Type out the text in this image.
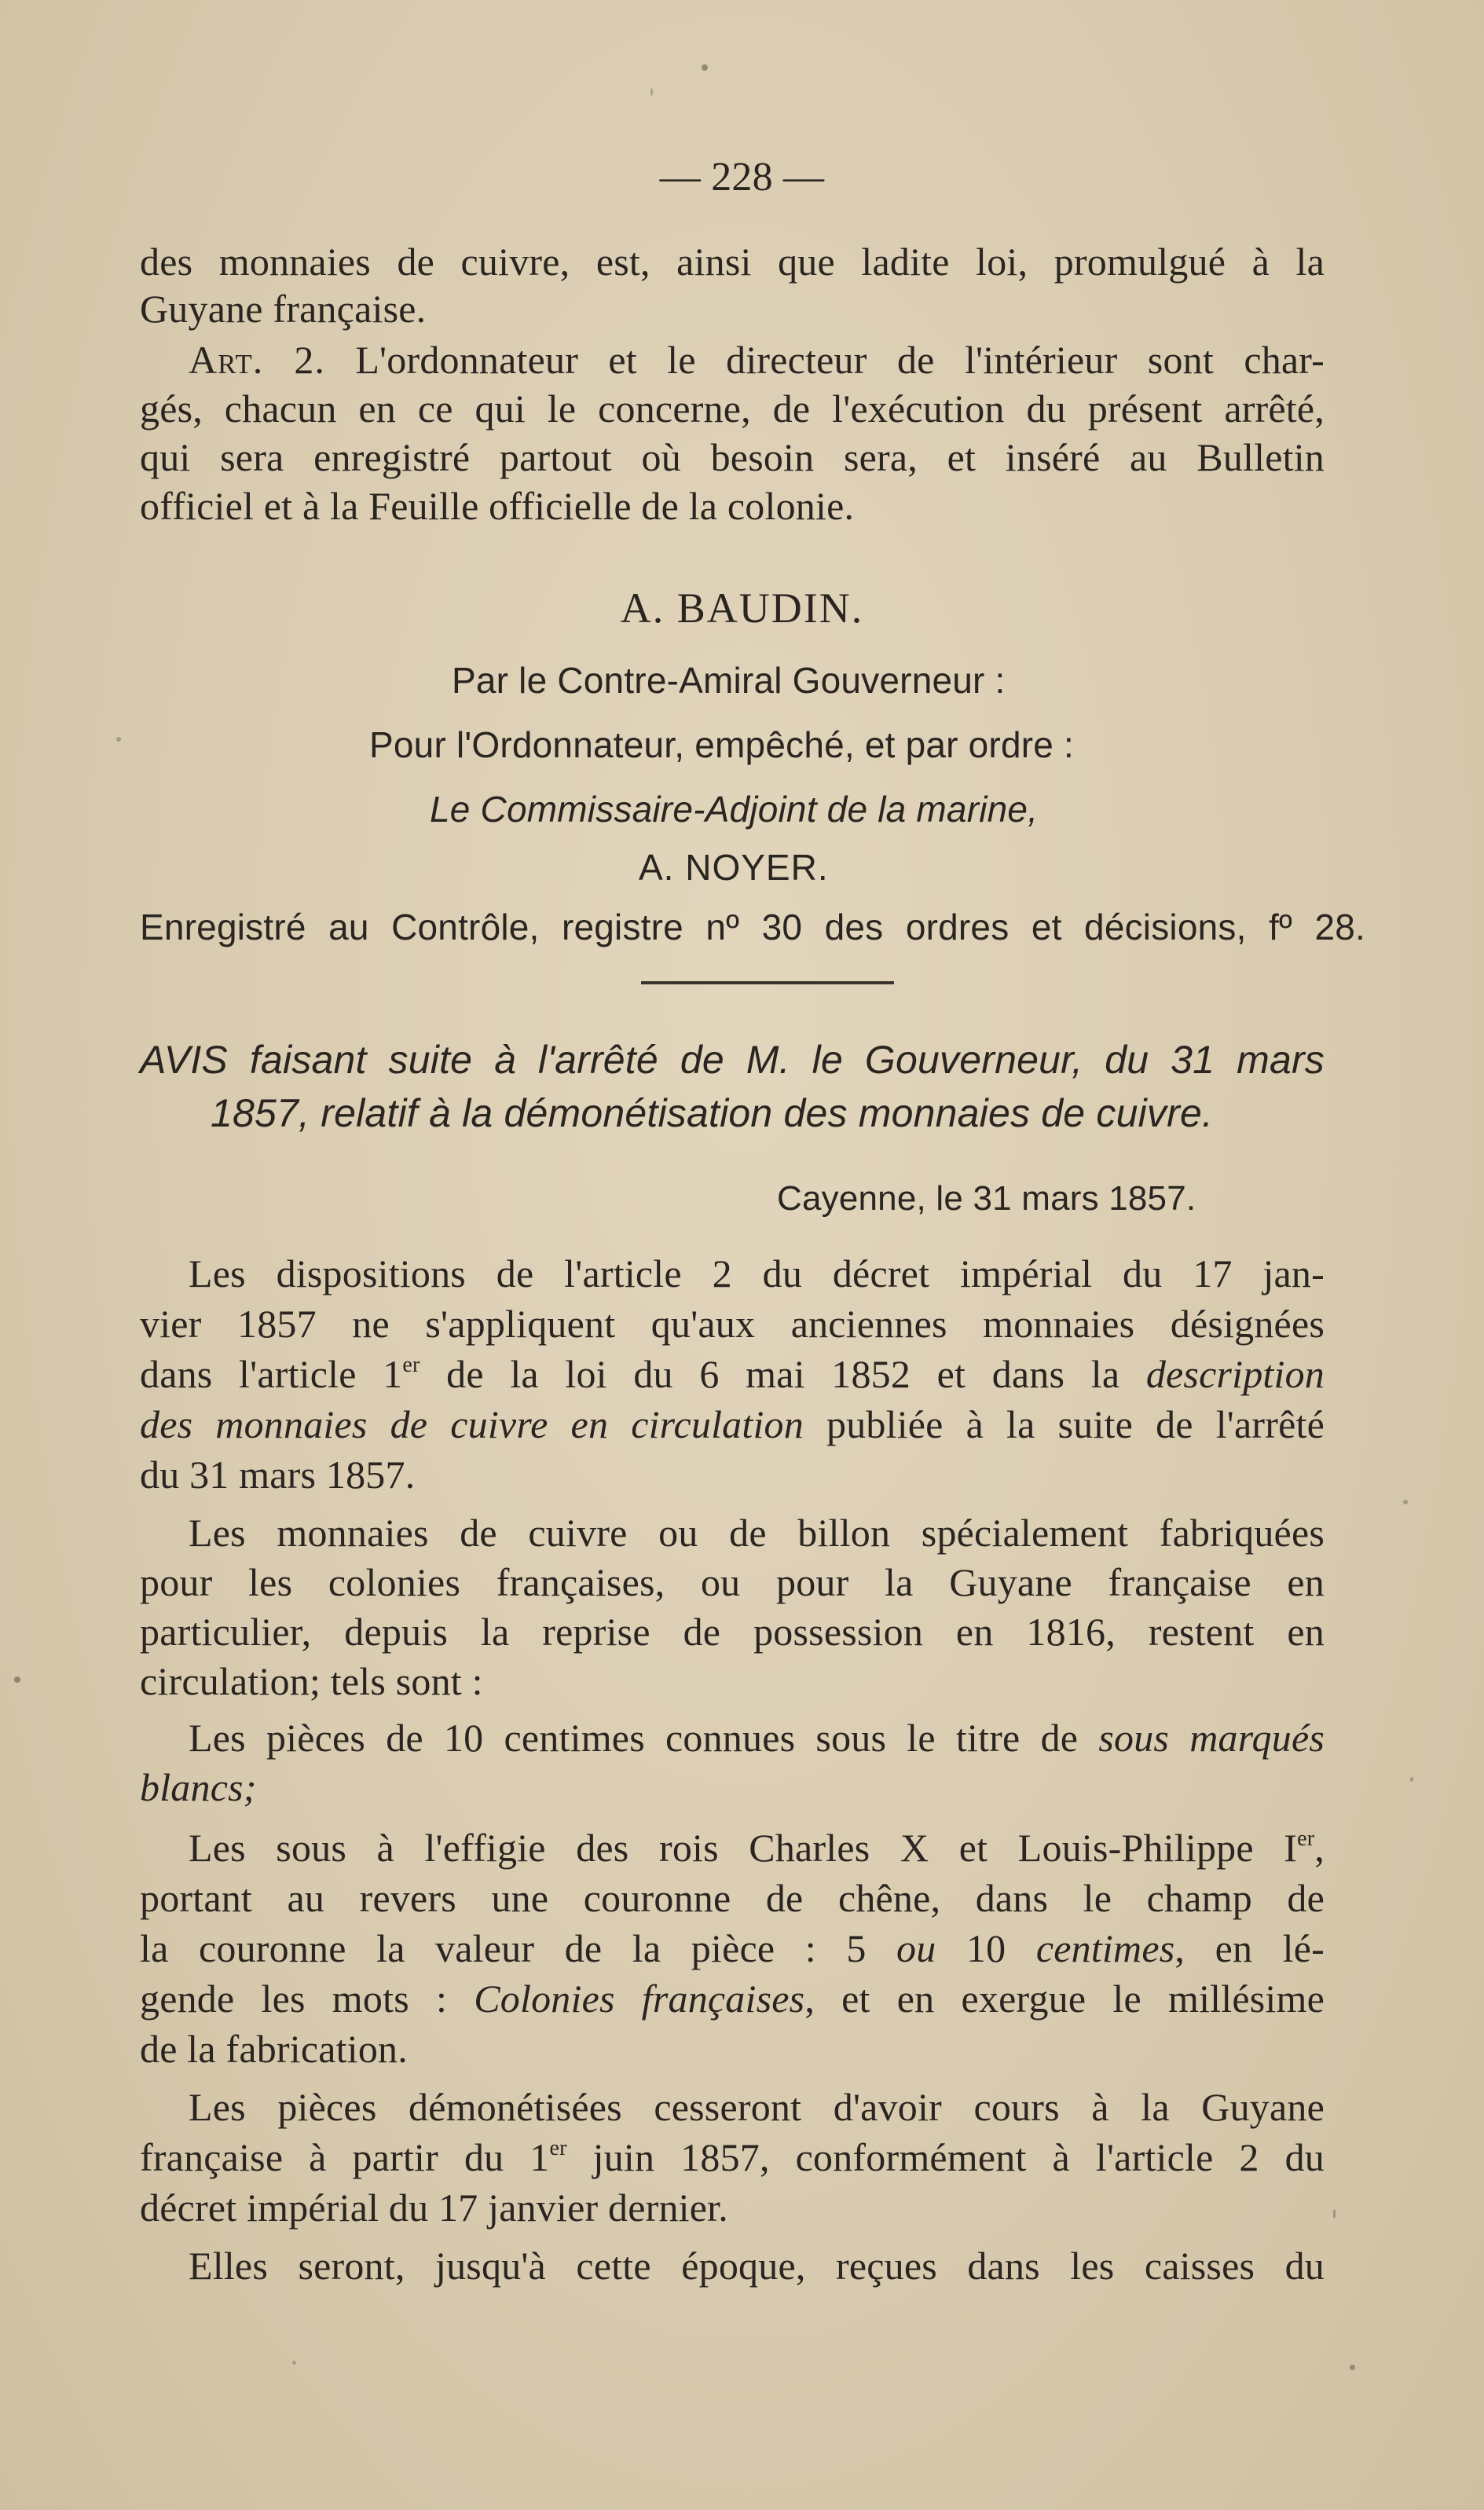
— 228 —
des monnaies de cuivre, est, ainsi que ladite loi, promulgué à la
Guyane française.
Art. 2. L'ordonnateur et le directeur de l'intérieur sont char-
gés, chacun en ce qui le concerne, de l'exécution du présent arrêté,
qui sera enregistré partout où besoin sera, et inséré au Bulletin
officiel et à la Feuille officielle de la colonie.
A. BAUDIN.
Par le Contre-Amiral Gouverneur :
Pour l'Ordonnateur, empêché, et par ordre :
Le Commissaire-Adjoint de la marine,
A. NOYER.
Enregistré au Contrôle, registre nº 30 des ordres et décisions, fº 28.
AVIS faisant suite à l'arrêté de M. le Gouverneur, du 31 mars
1857, relatif à la démonétisation des monnaies de cuivre.
Cayenne, le 31 mars 1857.
Les dispositions de l'article 2 du décret impérial du 17 jan-
vier 1857 ne s'appliquent qu'aux anciennes monnaies désignées
dans l'article 1er de la loi du 6 mai 1852 et dans la description
des monnaies de cuivre en circulation publiée à la suite de l'arrêté
du 31 mars 1857.
Les monnaies de cuivre ou de billon spécialement fabriquées
pour les colonies françaises, ou pour la Guyane française en
particulier, depuis la reprise de possession en 1816, restent en
circulation; tels sont :
Les pièces de 10 centimes connues sous le titre de sous marqués
blancs;
Les sous à l'effigie des rois Charles X et Louis-Philippe Ier,
portant au revers une couronne de chêne, dans le champ de
la couronne la valeur de la pièce : 5 ou 10 centimes, en lé-
gende les mots : Colonies françaises, et en exergue le millésime
de la fabrication.
Les pièces démonétisées cesseront d'avoir cours à la Guyane
française à partir du 1er juin 1857, conformément à l'article 2 du
décret impérial du 17 janvier dernier.
Elles seront, jusqu'à cette époque, reçues dans les caisses du
